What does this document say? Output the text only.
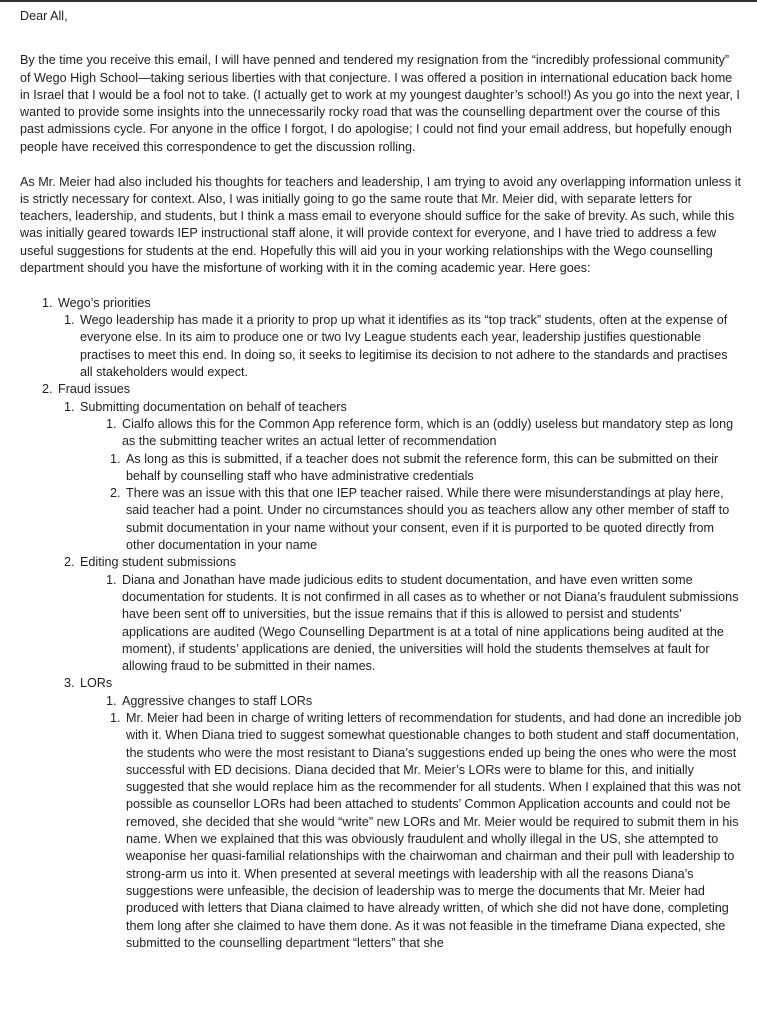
Dear All,

By the time you receive this email, I will have penned and tendered my resignation from the “incredibly professional community” of Wego High School—taking serious liberties with that conjecture. I was offered a position in international education back home in Israel that I would be a fool not to take. (I actually get to work at my youngest daughter’s school!) As you go into the next year, I wanted to provide some insights into the unnecessarily rocky road that was the counselling department over the course of this past admissions cycle. For anyone in the office I forgot, I do apologise; I could not find your email address, but hopefully enough people have received this correspondence to get the discussion rolling.

As Mr. Meier had also included his thoughts for teachers and leadership, I am trying to avoid any overlapping information unless it is strictly necessary for context. Also, I was initially going to go the same route that Mr. Meier did, with separate letters for teachers, leadership, and students, but I think a mass email to everyone should suffice for the sake of brevity. As such, while this was initially geared towards IEP instructional staff alone, it will provide context for everyone, and I have tried to address a few useful suggestions for students at the end. Hopefully this will aid you in your working relationships with the Wego counselling department should you have the misfortune of working with it in the coming academic year. Here goes:

1. Wego’s priorities
1. Wego leadership has made it a priority to prop up what it identifies as its “top track” students, often at the expense of everyone else. In its aim to produce one or two Ivy League students each year, leadership justifies questionable practises to meet this end. In doing so, it seeks to legitimise its decision to not adhere to the standards and practises all stakeholders would expect.
2. Fraud issues
1. Submitting documentation on behalf of teachers
1. Cialfo allows this for the Common App reference form, which is an (oddly) useless but mandatory step as long as the submitting teacher writes an actual letter of recommendation
1. As long as this is submitted, if a teacher does not submit the reference form, this can be submitted on their behalf by counselling staff who have administrative credentials
2. There was an issue with this that one IEP teacher raised. While there were misunderstandings at play here, said teacher had a point. Under no circumstances should you as teachers allow any other member of staff to submit documentation in your name without your consent, even if it is purported to be quoted directly from other documentation in your name
2. Editing student submissions
1. Diana and Jonathan have made judicious edits to student documentation, and have even written some documentation for students. It is not confirmed in all cases as to whether or not Diana’s fraudulent submissions have been sent off to universities, but the issue remains that if this is allowed to persist and students’ applications are audited (Wego Counselling Department is at a total of nine applications being audited at the moment), if students’ applications are denied, the universities will hold the students themselves at fault for allowing fraud to be submitted in their names.
3. LORs
1. Aggressive changes to staff LORs
1. Mr. Meier had been in charge of writing letters of recommendation for students, and had done an incredible job with it. When Diana tried to suggest somewhat questionable changes to both student and staff documentation, the students who were the most resistant to Diana’s suggestions ended up being the ones who were the most successful with ED decisions. Diana decided that Mr. Meier’s LORs were to blame for this, and initially suggested that she would replace him as the recommender for all students. When I explained that this was not possible as counsellor LORs had been attached to students’ Common Application accounts and could not be removed, she decided that she would “write” new LORs and Mr. Meier would be required to submit them in his name. When we explained that this was obviously fraudulent and wholly illegal in the US, she attempted to weaponise her quasi-familial relationships with the chairwoman and chairman and their pull with leadership to strong-arm us into it. When presented at several meetings with leadership with all the reasons Diana’s suggestions were unfeasible, the decision of leadership was to merge the documents that Mr. Meier had produced with letters that Diana claimed to have already written, of which she did not have done, completing them long after she claimed to have them done. As it was not feasible in the timeframe Diana expected, she submitted to the counselling department “letters” that she
